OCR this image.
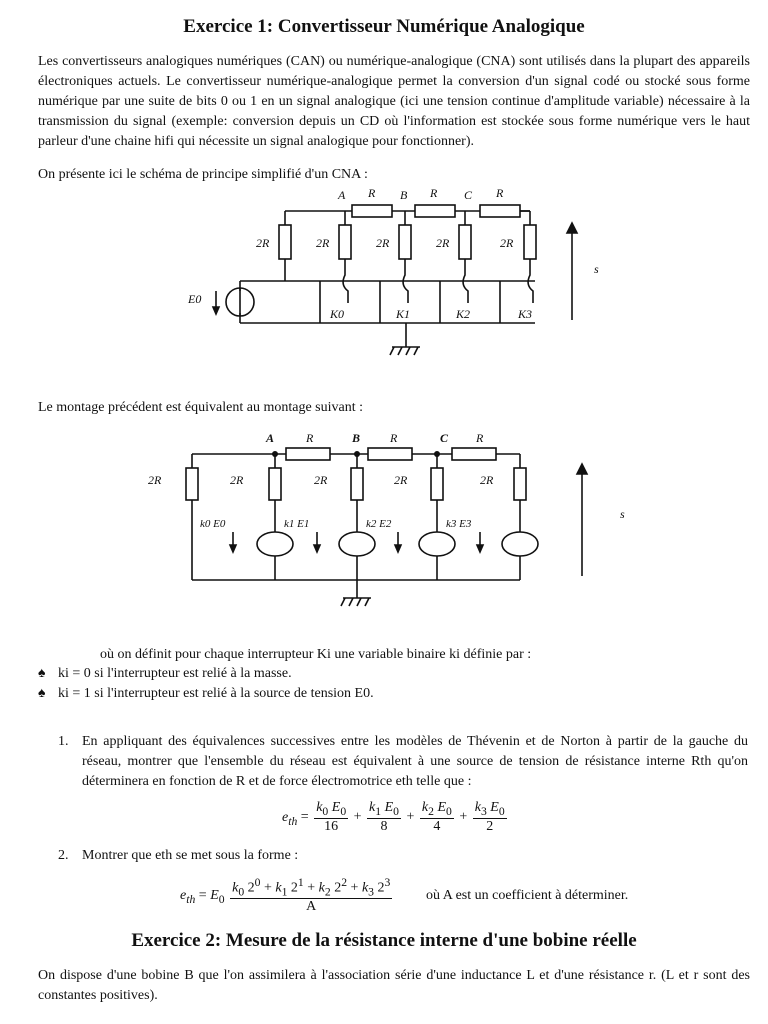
Exercice 1: Convertisseur Numérique Analogique

Les convertisseurs analogiques numériques (CAN) ou numérique-analogique (CNA) sont utilisés dans la plupart des appareils électroniques actuels. Le convertisseur numérique-analogique permet la conversion d'un signal codé ou stocké sous forme numérique par une suite de bits 0 ou 1 en un signal analogique (ici une tension continue d'amplitude variable) nécessaire à la transmission du signal (exemple: conversion depuis un CD où l'information est stockée sous forme numérique vers le haut parleur d'une chaine hifi qui nécessite un signal analogique pour fonctionner).

On présente ici le schéma de principe simplifié d'un CNA :

A	B	C
R	R	R
2R	2R	2R	2R	2R
E0
K0	K1	K2	K3
s

Le montage précédent est équivalent au montage suivant :

A	B	C
R	R	R
2R	2R	2R	2R	2R
k0 E0	k1 E1	k2 E2	k3 E3
s

où on définit pour chaque interrupteur Ki une variable binaire ki définie par :

♠ ki = 0 si l'interrupteur est relié à la masse.
♠ ki = 1 si l'interrupteur est relié à la source de tension E0.
1. En appliquant des équivalences successives entre les modèles de Thévenin et de Norton à partir de la gauche du réseau, montrer que l'ensemble du réseau est équivalent à une source de tension de résistance interne Rth qu'on déterminera en fonction de R et de force électromotrice eth telle que :
$e_{th} = \frac{k_0 E_0}{16} + \frac{k_1 E_0}{8} + \frac{k_2 E_0}{4} + \frac{k_3 E_0}{2}$
2. Montrer que eth se met sous la forme :
$e_{th} = E_0 \frac{k_0 2^0 + k_1 2^1 + k_2 2^2 + k_3 2^3}{A}$ où A est un coefficient à déterminer.
Exercice 2: Mesure de la résistance interne d'une bobine réelle

On dispose d'une bobine B que l'on assimilera à l'association série d'une inductance L et d'une résistance r. (L et r sont des constantes positives).
